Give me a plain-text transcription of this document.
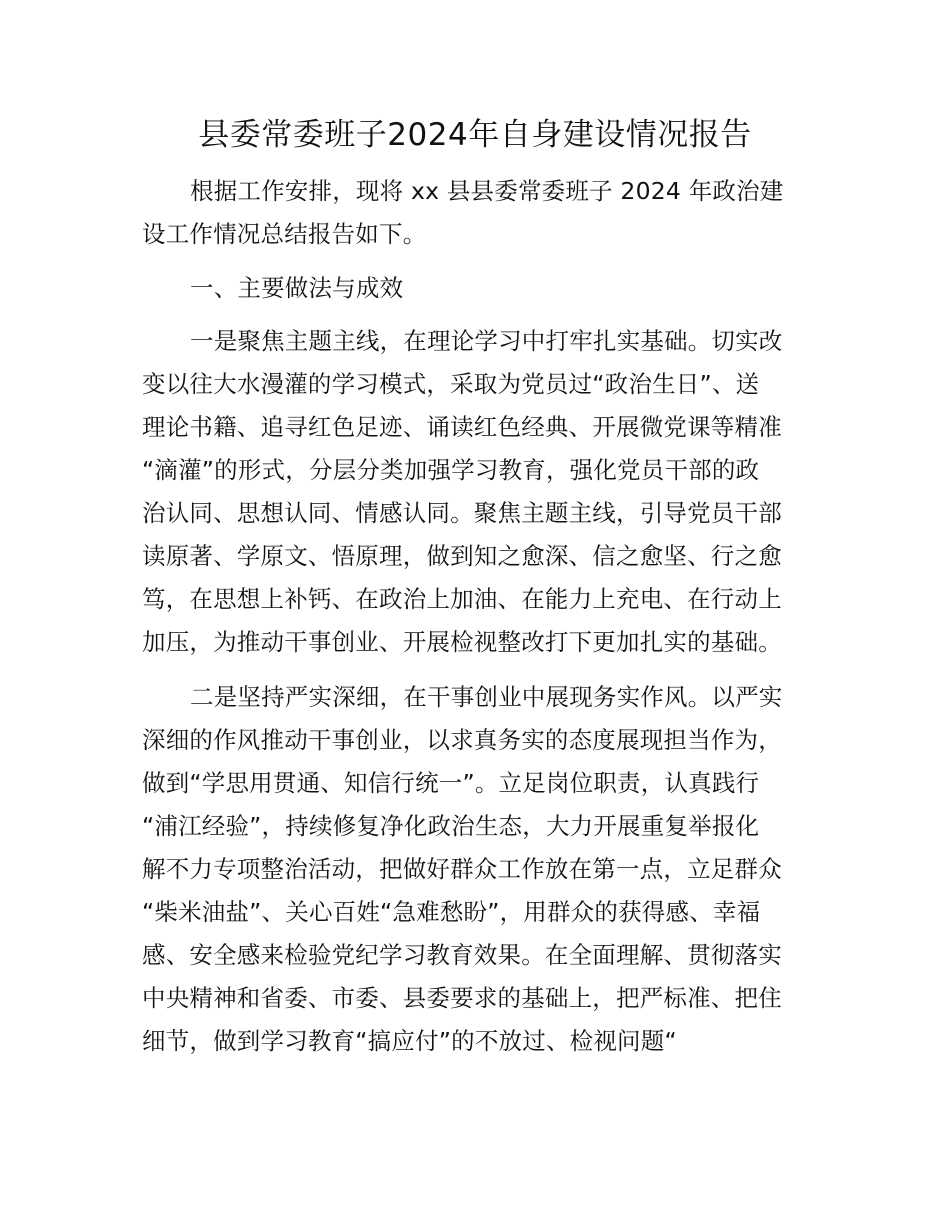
县委常委班子2024年自身建设情况报告
根据工作安排，现将 xx 县县委常委班子 2024 年政治建
设工作情况总结报告如下。
一、主要做法与成效
一是聚焦主题主线，在理论学习中打牢扎实基础。切实改
变以往大水漫灌的学习模式，采取为党员过“政治生日”、送
理论书籍、追寻红色足迹、诵读红色经典、开展微党课等精准
“滴灌”的形式，分层分类加强学习教育，强化党员干部的政
治认同、思想认同、情感认同。聚焦主题主线，引导党员干部
读原著、学原文、悟原理，做到知之愈深、信之愈坚、行之愈
笃，在思想上补钙、在政治上加油、在能力上充电、在行动上
加压，为推动干事创业、开展检视整改打下更加扎实的基础。
二是坚持严实深细，在干事创业中展现务实作风。以严实
深细的作风推动干事创业，以求真务实的态度展现担当作为，
做到“学思用贯通、知信行统一”。立足岗位职责，认真践行
“浦江经验”，持续修复净化政治生态，大力开展重复举报化
解不力专项整治活动，把做好群众工作放在第一点，立足群众
“柴米油盐”、关心百姓“急难愁盼”，用群众的获得感、幸福
感、安全感来检验党纪学习教育效果。在全面理解、贯彻落实
中央精神和省委、市委、县委要求的基础上，把严标准、把住
细节，做到学习教育“搞应付”的不放过、检视问题“
